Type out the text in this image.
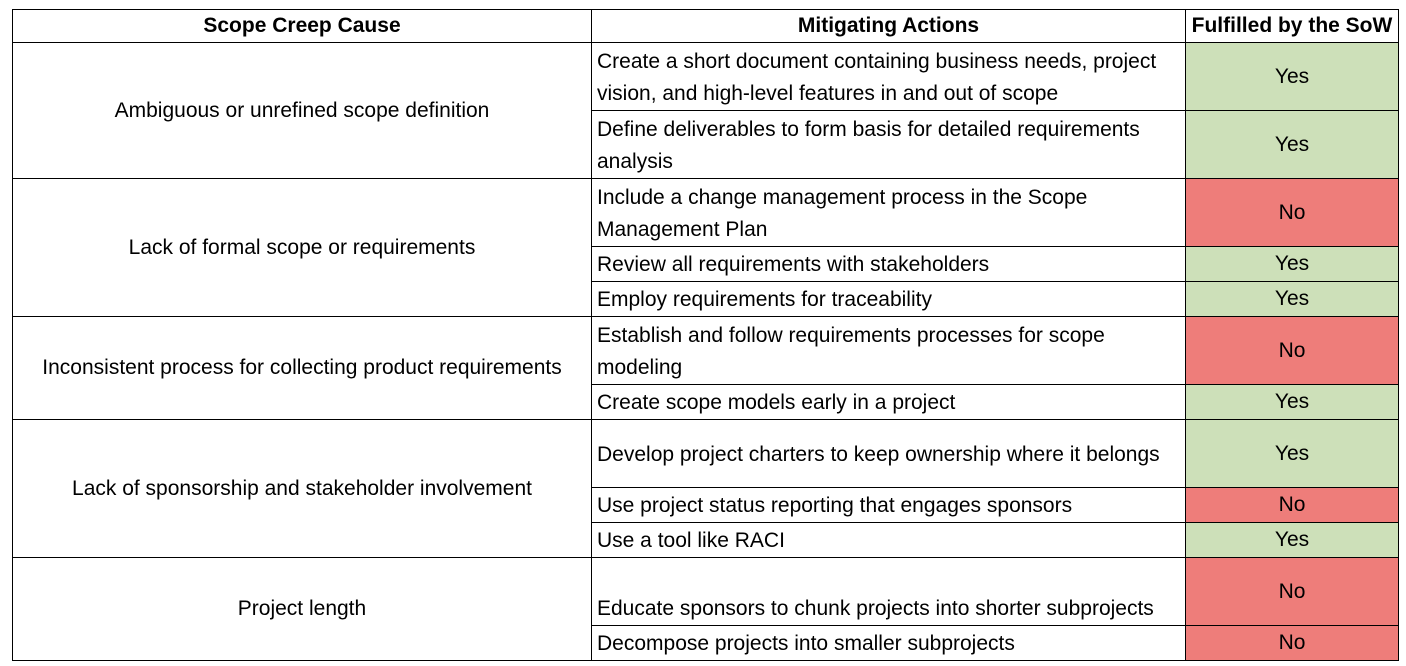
Scope Creep Cause	Mitigating Actions	Fulfilled by the SoW
Ambiguous or unrefined scope definition	Create a short document containing business needs, project vision, and high-level features in and out of scope	Yes
	Define deliverables to form basis for detailed requirements analysis	Yes
Lack of formal scope or requirements	Include a change management process in the Scope Management Plan	No
	Review all requirements with stakeholders	Yes
	Employ requirements for traceability	Yes
Inconsistent process for collecting product requirements	Establish and follow requirements processes for scope modeling	No
	Create scope models early in a project	Yes
Lack of sponsorship and stakeholder involvement	Develop project charters to keep ownership where it belongs	Yes
	Use project status reporting that engages sponsors	No
	Use a tool like RACI	Yes
Project length	Educate sponsors to chunk projects into shorter subprojects	No
	Decompose projects into smaller subprojects	No
